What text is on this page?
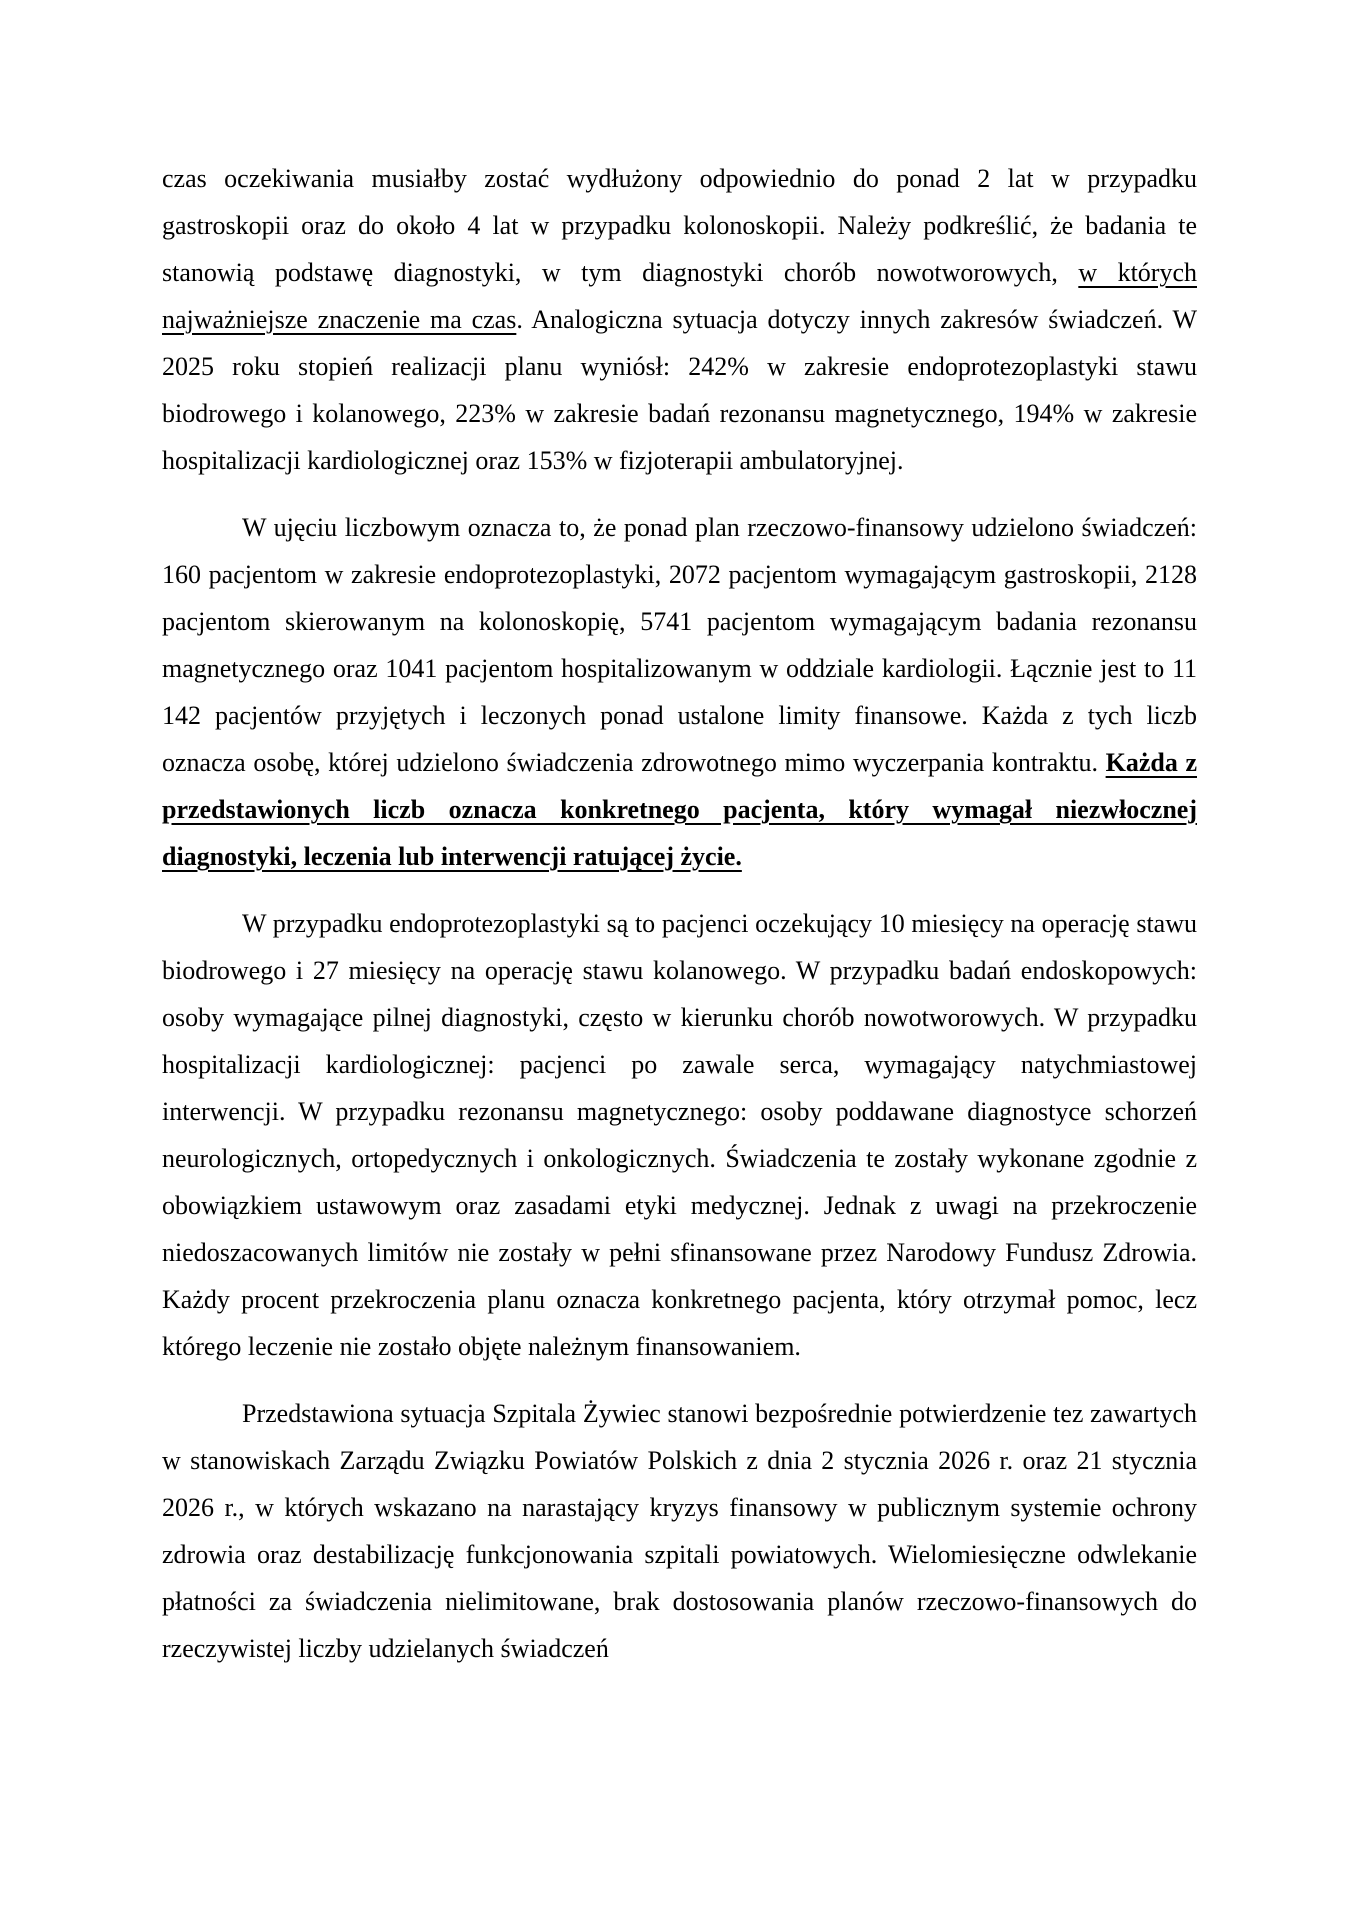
czas oczekiwania musiałby zostać wydłużony odpowiednio do ponad 2 lat w przypadku gastroskopii oraz do około 4 lat w przypadku kolonoskopii. Należy podkreślić, że badania te stanowią podstawę diagnostyki, w tym diagnostyki chorób nowotworowych, w których najważniejsze znaczenie ma czas. Analogiczna sytuacja dotyczy innych zakresów świadczeń. W 2025 roku stopień realizacji planu wyniósł: 242% w zakresie endoprotezoplastyki stawu biodrowego i kolanowego, 223% w zakresie badań rezonansu magnetycznego, 194% w zakresie hospitalizacji kardiologicznej oraz 153% w fizjoterapii ambulatoryjnej.

W ujęciu liczbowym oznacza to, że ponad plan rzeczowo-finansowy udzielono świadczeń: 160 pacjentom w zakresie endoprotezoplastyki, 2072 pacjentom wymagającym gastroskopii, 2128 pacjentom skierowanym na kolonoskopię, 5741 pacjentom wymagającym badania rezonansu magnetycznego oraz 1041 pacjentom hospitalizowanym w oddziale kardiologii. Łącznie jest to 11 142 pacjentów przyjętych i leczonych ponad ustalone limity finansowe. Każda z tych liczb oznacza osobę, której udzielono świadczenia zdrowotnego mimo wyczerpania kontraktu. Każda z przedstawionych liczb oznacza konkretnego pacjenta, który wymagał niezwłocznej diagnostyki, leczenia lub interwencji ratującej życie.

W przypadku endoprotezoplastyki są to pacjenci oczekujący 10 miesięcy na operację stawu biodrowego i 27 miesięcy na operację stawu kolanowego. W przypadku badań endoskopowych: osoby wymagające pilnej diagnostyki, często w kierunku chorób nowotworowych. W przypadku hospitalizacji kardiologicznej: pacjenci po zawale serca, wymagający natychmiastowej interwencji. W przypadku rezonansu magnetycznego: osoby poddawane diagnostyce schorzeń neurologicznych, ortopedycznych i onkologicznych. Świadczenia te zostały wykonane zgodnie z obowiązkiem ustawowym oraz zasadami etyki medycznej. Jednak z uwagi na przekroczenie niedoszacowanych limitów nie zostały w pełni sfinansowane przez Narodowy Fundusz Zdrowia. Każdy procent przekroczenia planu oznacza konkretnego pacjenta, który otrzymał pomoc, lecz którego leczenie nie zostało objęte należnym finansowaniem.

Przedstawiona sytuacja Szpitala Żywiec stanowi bezpośrednie potwierdzenie tez zawartych w stanowiskach Zarządu Związku Powiatów Polskich z dnia 2 stycznia 2026 r. oraz 21 stycznia 2026 r., w których wskazano na narastający kryzys finansowy w publicznym systemie ochrony zdrowia oraz destabilizację funkcjonowania szpitali powiatowych. Wielomiesięczne odwlekanie płatności za świadczenia nielimitowane, brak dostosowania planów rzeczowo-finansowych do rzeczywistej liczby udzielanych świadczeń
